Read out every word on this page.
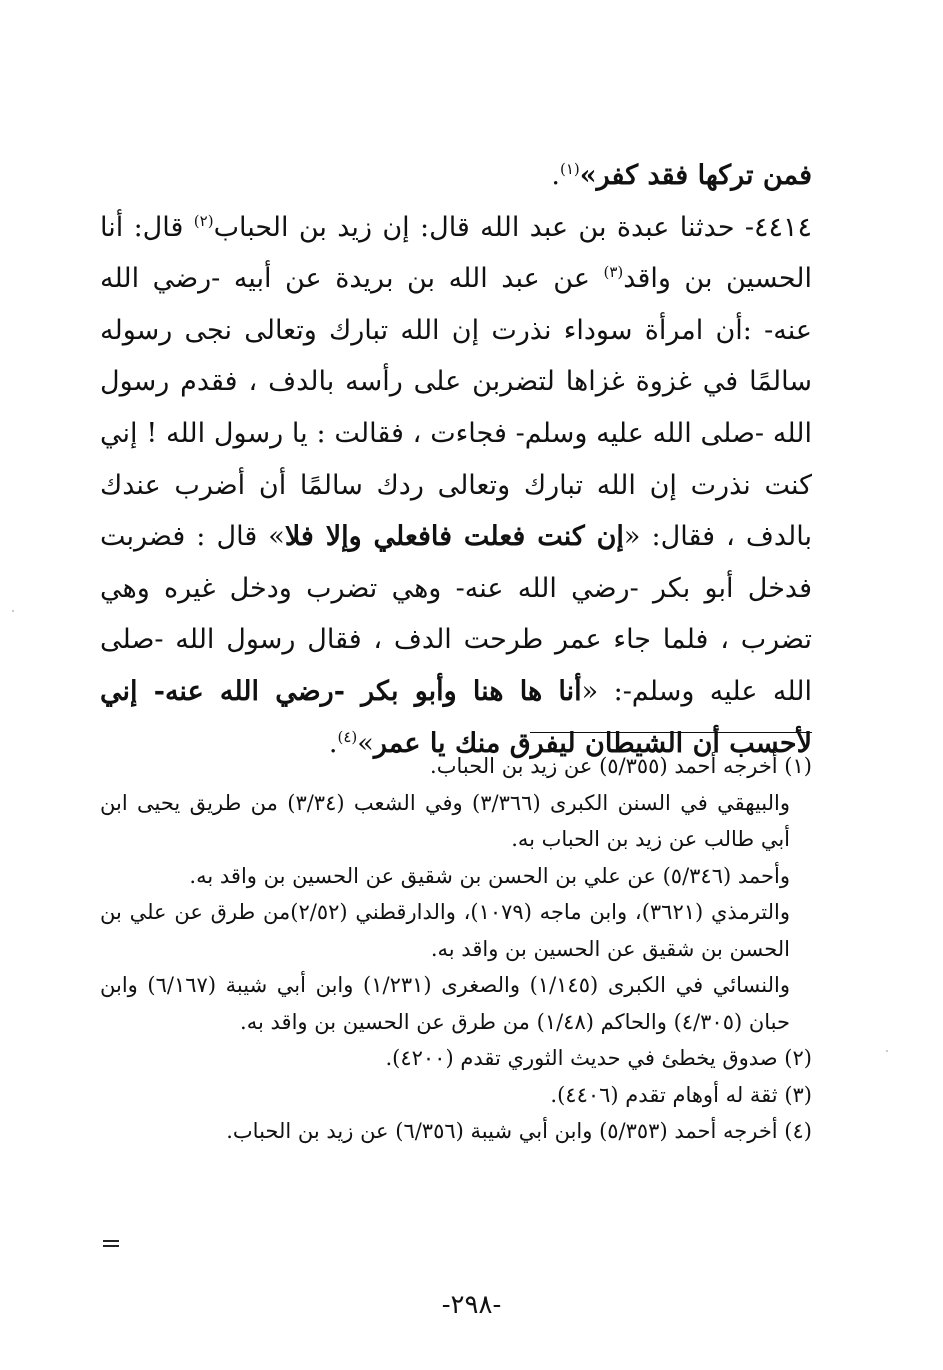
فمن تركها فقد كفر»$^{(١)}$.

٤٤١٤- حدثنا عبدة بن عبد الله قال: إن زيد بن الحباب$^{(٢)}$ قال: أنا الحسين بن واقد$^{(٣)}$ عن عبد الله بن بريدة عن أبيه -رضي الله عنه- :أن امرأة سوداء نذرت إن الله تبارك وتعالى نجى رسوله سالمًا في غزوة غزاها لتضربن على رأسه بالدف ، فقدم رسول الله -صلى الله عليه وسلم- فجاءت ، فقالت : يا رسول الله ! إني كنت نذرت إن الله تبارك وتعالى ردك سالمًا أن أضرب عندك بالدف ، فقال: «إن كنت فعلت فافعلي وإلا فلا» قال : فضربت فدخل أبو بكر -رضي الله عنه- وهي تضرب ودخل غيره وهي تضرب ، فلما جاء عمر طرحت الدف ، فقال رسول الله -صلى الله عليه وسلم-: «أنا ها هنا وأبو بكر -رضي الله عنه- إني لأحسب أن الشيطان ليفرق منك يا عمر»$^{(٤)}$.

(١) أخرجه أحمد (٥/٣٥٥) عن زيد بن الحباب.

والبيهقي في السنن الكبرى (٣/٣٦٦) وفي الشعب (٣/٣٤) من طريق يحيى ابن أبي طالب عن زيد بن الحباب به.

وأحمد (٥/٣٤٦) عن علي بن الحسن بن شقيق عن الحسين بن واقد به.

والترمذي (٣٦٢١)، وابن ماجه (١٠٧٩)، والدارقطني (٢/٥٢)من طرق عن علي بن الحسن بن شقيق عن الحسين بن واقد به.

والنسائي في الكبرى (١/١٤٥) والصغرى (١/٢٣١) وابن أبي شيبة (٦/١٦٧) وابن حبان (٤/٣٠٥) والحاكم (١/٤٨) من طرق عن الحسين بن واقد به.

(٢) صدوق يخطئ في حديث الثوري تقدم (٤٢٠٠).

(٣) ثقة له أوهام تقدم (٤٤٠٦).

(٤) أخرجه أحمد (٥/٣٥٣) وابن أبي شيبة (٦/٣٥٦) عن زيد بن الحباب.

-٢٩٨-
